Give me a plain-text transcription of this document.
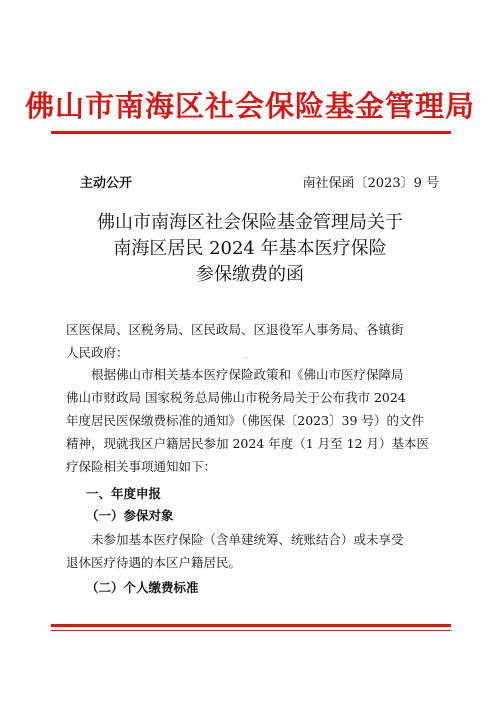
佛山市南海区社会保险基金管理局
主动公开	南社保函〔2023〕9 号
佛山市南海区社会保险基金管理局关于
南海区居民 2024 年基本医疗保险
参保缴费的函
区医保局、区税务局、区民政局、区退役军人事务局、各镇街
人民政府：	⁼
根据佛山市相关基本医疗保险政策和《佛山市医疗保障局
佛山市财政局 国家税务总局佛山市税务局关于公布我市 2024
年度居民医保缴费标准的通知》（佛医保〔2023〕39 号）的文件
精神，现就我区户籍居民参加 2024 年度（1 月至 12 月）基本医
疗保险相关事项通知如下：
一、年度申报
（一）参保对象
未参加基本医疗保险（含单建统筹、统账结合）或未享受
退休医疗待遇的本区户籍居民。
（二）个人缴费标准
